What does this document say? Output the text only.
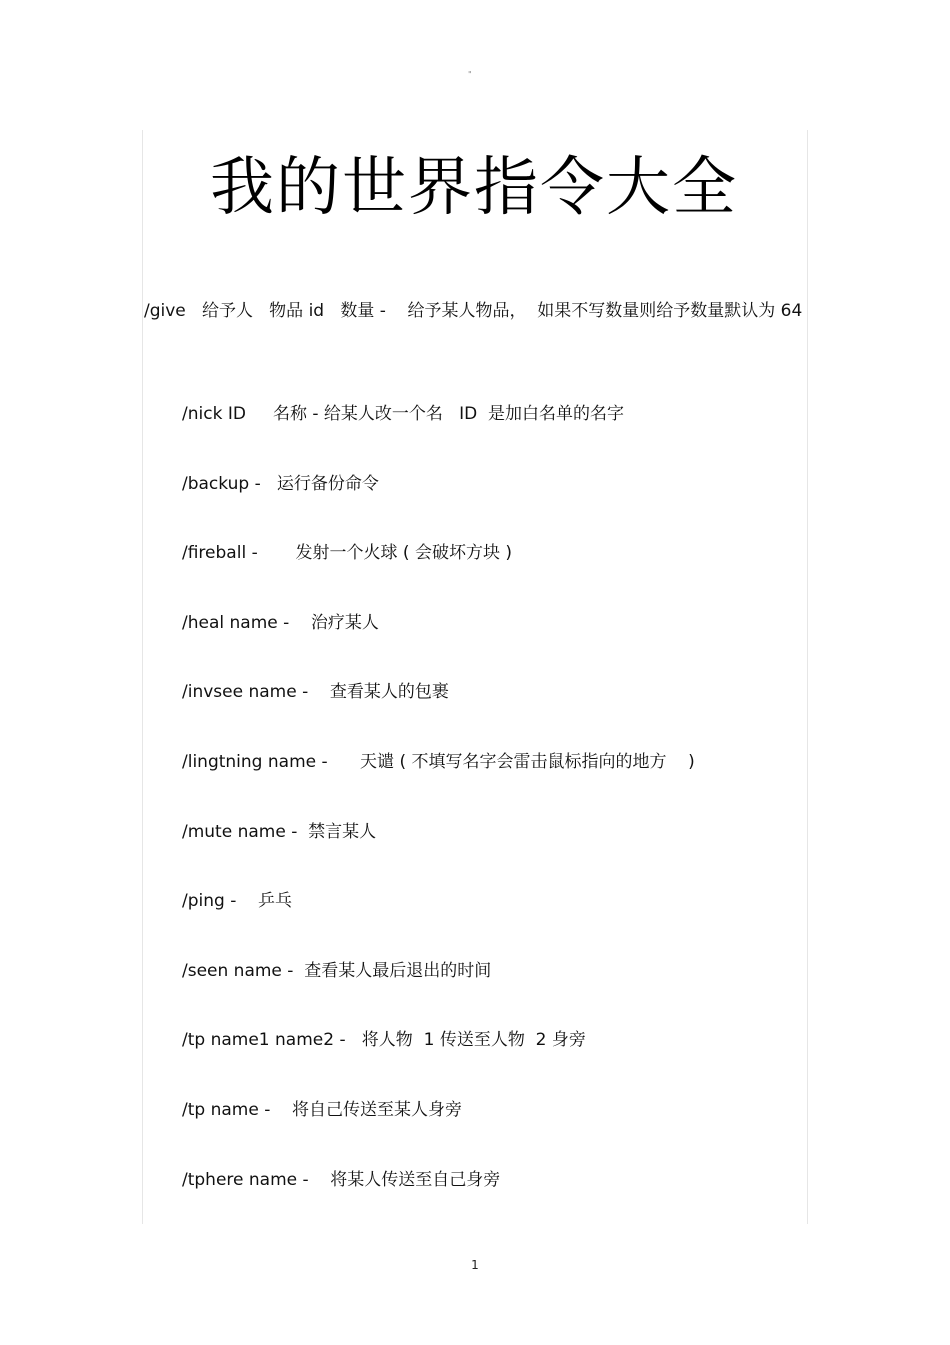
"
我的世界指令大全

/give   给予人   物品 id   数量 -    给予某人物品，  如果不写数量则给予数量默认为 64

/nick ID     名称 - 给某人改一个名   ID  是加白名单的名字
/backup -   运行备份命令
/fireball -       发射一个火球 ( 会破坏方块 )
/heal name -    治疗某人
/invsee name -    查看某人的包裹
/lingtning name -      天谴 ( 不填写名字会雷击鼠标指向的地方    )
/mute name -  禁言某人
/ping -    乒乓
/seen name -  查看某人最后退出的时间
/tp name1 name2 -   将人物  1 传送至人物  2 身旁
/tp name -    将自己传送至某人身旁
/tphere name -    将某人传送至自己身旁
1
